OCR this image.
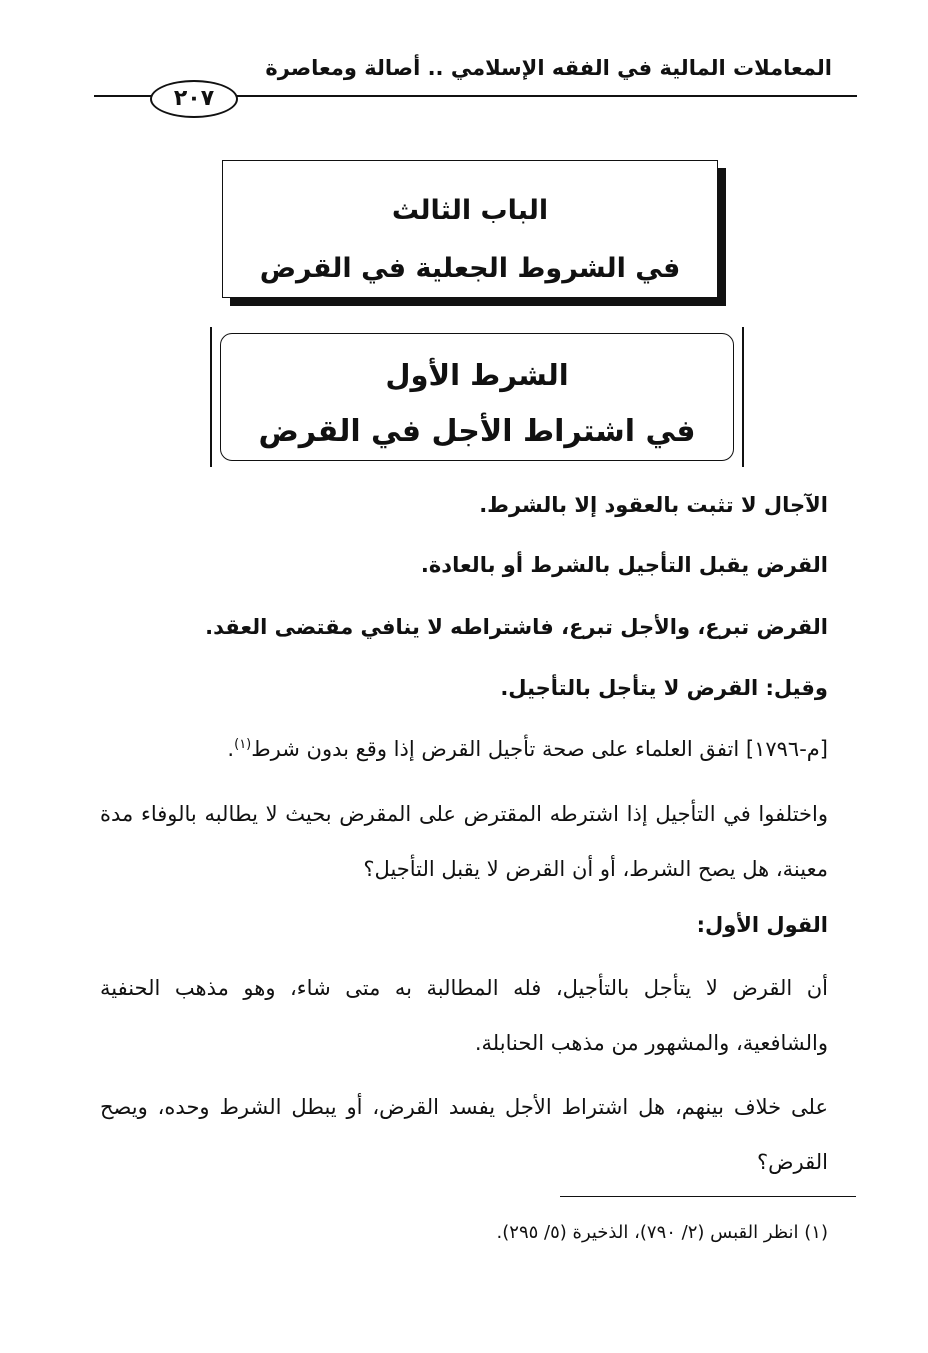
المعاملات المالية في الفقه الإسلامي .. أصالة ومعاصرة
٢٠٧
الباب الثالث
في الشروط الجعلية في القرض
الشرط الأول
في اشتراط الأجل في القرض
الآجال لا تثبت بالعقود إلا بالشرط.
القرض يقبل التأجيل بالشرط أو بالعادة.
القرض تبرع، والأجل تبرع، فاشتراطه لا ينافي مقتضى العقد.
وقيل: القرض لا يتأجل بالتأجيل.
[م-١٧٩٦] اتفق العلماء على صحة تأجيل القرض إذا وقع بدون شرط$^{(١)}$.
واختلفوا في التأجيل إذا اشترطه المقترض على المقرض بحيث لا يطالبه بالوفاء مدة معينة، هل يصح الشرط، أو أن القرض لا يقبل التأجيل؟
القول الأول:
أن القرض لا يتأجل بالتأجيل، فله المطالبة به متى شاء، وهو مذهب الحنفية والشافعية، والمشهور من مذهب الحنابلة.
على خلاف بينهم، هل اشتراط الأجل يفسد القرض، أو يبطل الشرط وحده، ويصح القرض؟
(١) انظر القبس (٢/ ٧٩٠)، الذخيرة (٥/ ٢٩٥).
